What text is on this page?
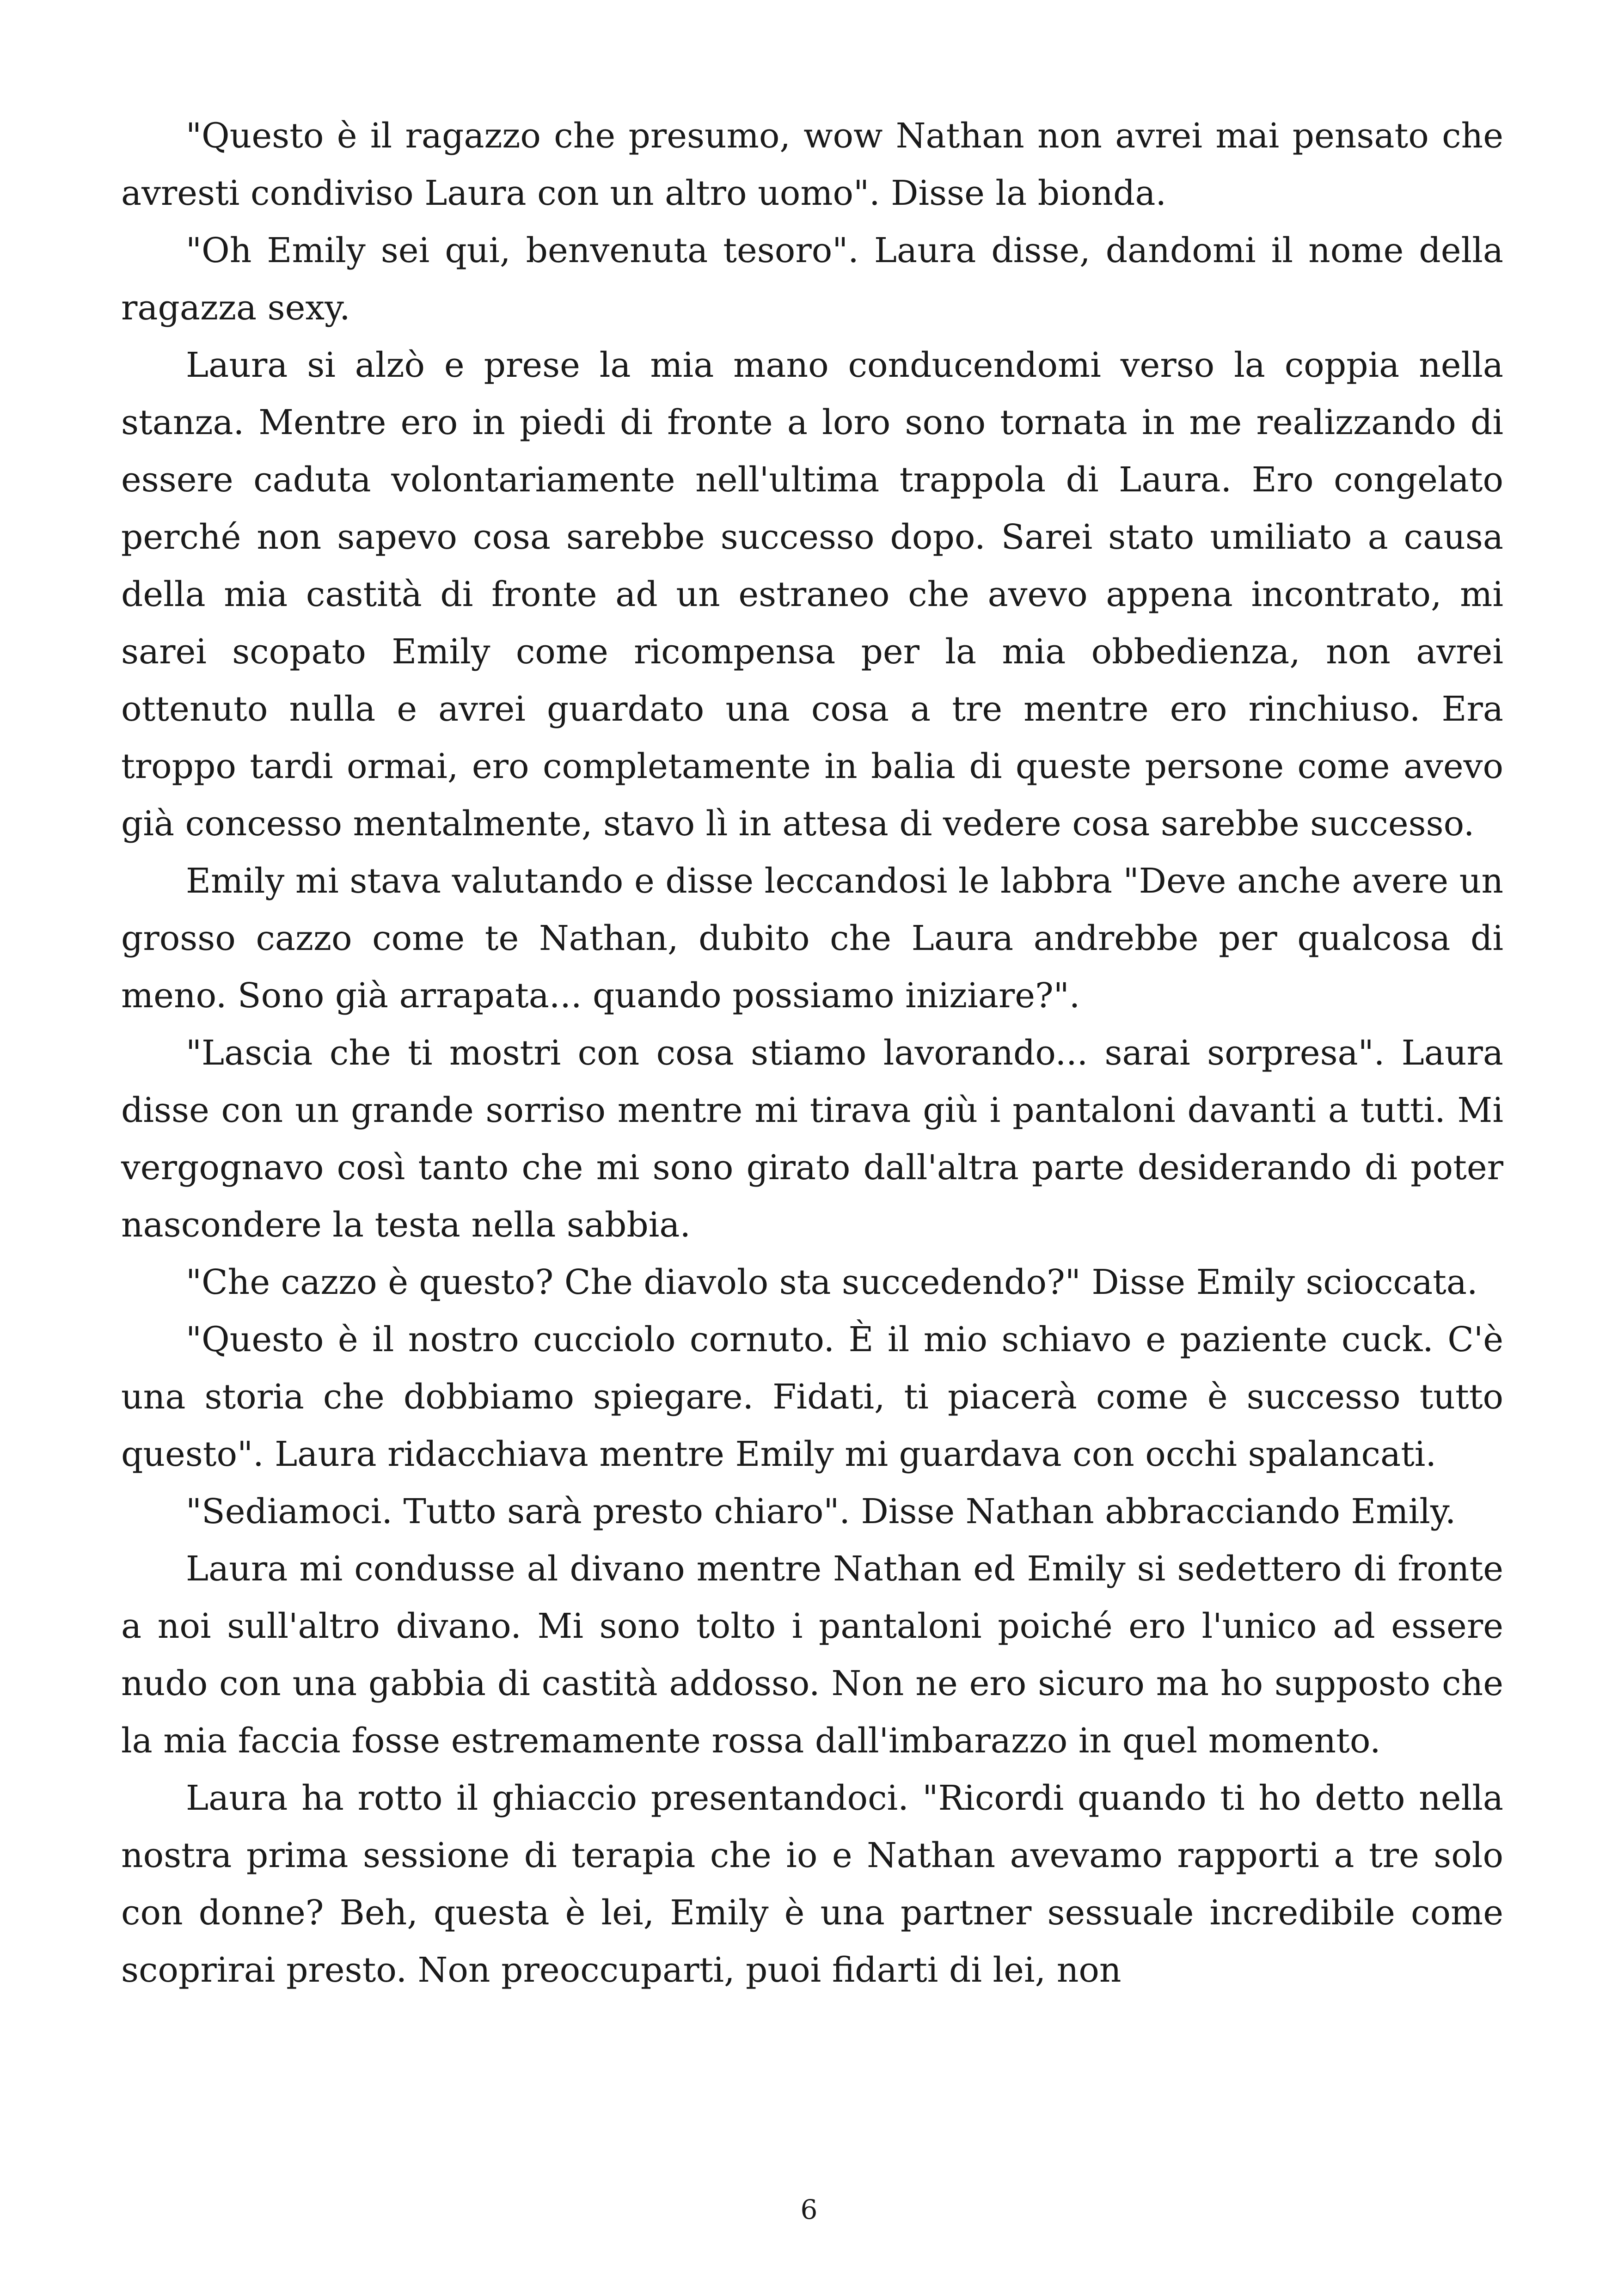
"Questo è il ragazzo che presumo, wow Nathan non avrei mai pensato che avresti condiviso Laura con un altro uomo". Disse la bionda.

"Oh Emily sei qui, benvenuta tesoro". Laura disse, dandomi il nome della ragazza sexy.

Laura si alzò e prese la mia mano conducendomi verso la coppia nella stanza. Mentre ero in piedi di fronte a loro sono tornata in me realizzando di essere caduta volontariamente nell'ultima trappola di Laura. Ero congelato perché non sapevo cosa sarebbe successo dopo. Sarei stato umiliato a causa della mia castità di fronte ad un estraneo che avevo appena incontrato, mi sarei scopato Emily come ricompensa per la mia obbedienza, non avrei ottenuto nulla e avrei guardato una cosa a tre mentre ero rinchiuso. Era troppo tardi ormai, ero completamente in balia di queste persone come avevo già concesso mentalmente, stavo lì in attesa di vedere cosa sarebbe successo.

Emily mi stava valutando e disse leccandosi le labbra "Deve anche avere un grosso cazzo come te Nathan, dubito che Laura andrebbe per qualcosa di meno. Sono già arrapata... quando possiamo iniziare?".

"Lascia che ti mostri con cosa stiamo lavorando... sarai sorpresa". Laura disse con un grande sorriso mentre mi tirava giù i pantaloni davanti a tutti. Mi vergognavo così tanto che mi sono girato dall'altra parte desiderando di poter nascondere la testa nella sabbia.

"Che cazzo è questo? Che diavolo sta succedendo?" Disse Emily scioccata.

"Questo è il nostro cucciolo cornuto. È il mio schiavo e paziente cuck. C'è una storia che dobbiamo spiegare. Fidati, ti piacerà come è successo tutto questo". Laura ridacchiava mentre Emily mi guardava con occhi spalancati.

"Sediamoci. Tutto sarà presto chiaro". Disse Nathan abbracciando Emily.

Laura mi condusse al divano mentre Nathan ed Emily si sedettero di fronte a noi sull'altro divano. Mi sono tolto i pantaloni poiché ero l'unico ad essere nudo con una gabbia di castità addosso. Non ne ero sicuro ma ho supposto che la mia faccia fosse estremamente rossa dall'imbarazzo in quel momento.

Laura ha rotto il ghiaccio presentandoci. "Ricordi quando ti ho detto nella nostra prima sessione di terapia che io e Nathan avevamo rapporti a tre solo con donne? Beh, questa è lei, Emily è una partner sessuale incredibile come scoprirai presto. Non preoccuparti, puoi fidarti di lei, non

6
